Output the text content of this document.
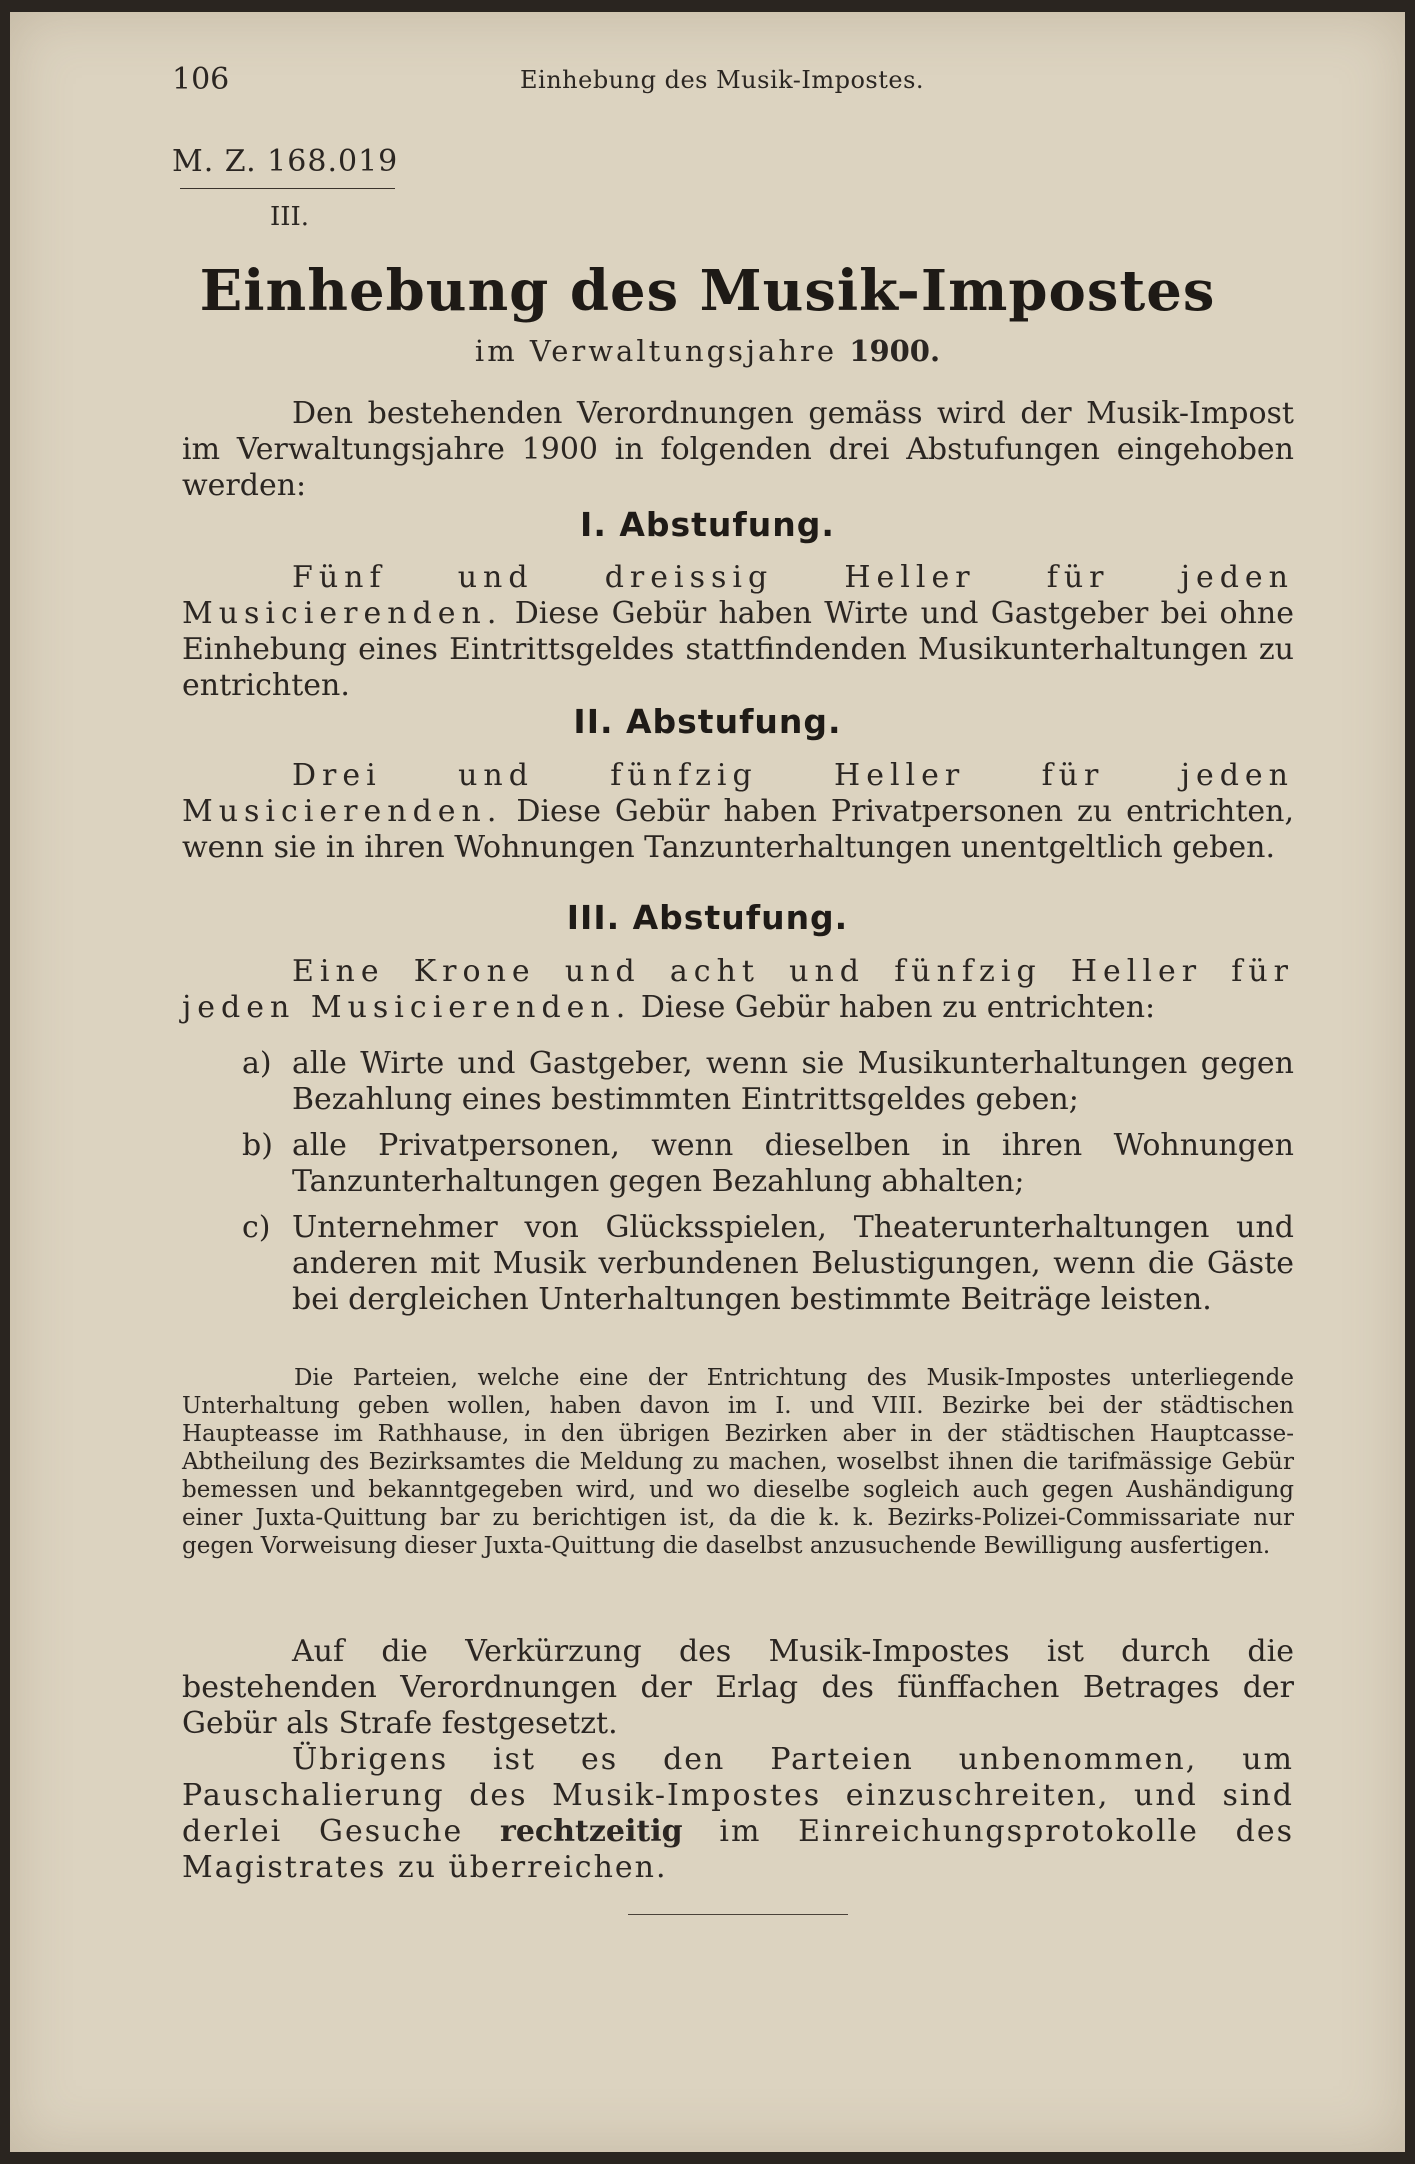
106	Einhebung des Musik-Impostes.

M. Z. 168.019

III.

Einhebung des Musik-Impostes

im Verwaltungsjahre 1900.

Den bestehenden Verordnungen gemäss wird der Musik-Impost im Verwaltungsjahre 1900 in folgenden drei Abstufungen eingehoben werden:

I. Abstufung.

Fünf und dreissig Heller für jeden Musicierenden. Diese Gebür haben Wirte und Gastgeber bei ohne Einhebung eines Eintrittsgeldes stattfindenden Musikunterhaltungen zu entrichten.

II. Abstufung.

Drei und fünfzig Heller für jeden Musicierenden. Diese Gebür haben Privatpersonen zu entrichten, wenn sie in ihren Wohnungen Tanzunterhaltungen unentgeltlich geben.

III. Abstufung.

Eine Krone und acht und fünfzig Heller für jeden Musicierenden. Diese Gebür haben zu entrichten:

a) alle Wirte und Gastgeber, wenn sie Musikunterhaltungen gegen Bezahlung eines bestimmten Eintrittsgeldes geben;
b) alle Privatpersonen, wenn dieselben in ihren Wohnungen Tanzunterhaltungen gegen Bezahlung abhalten;
c) Unternehmer von Glücksspielen, Theaterunterhaltungen und anderen mit Musik verbundenen Belustigungen, wenn die Gäste bei dergleichen Unterhaltungen bestimmte Beiträge leisten.

Die Parteien, welche eine der Entrichtung des Musik-Impostes unterliegende Unterhaltung geben wollen, haben davon im I. und VIII. Bezirke bei der städtischen Haupteasse im Rathhause, in den übrigen Bezirken aber in der städtischen Hauptcasse-Abtheilung des Bezirksamtes die Meldung zu machen, woselbst ihnen die tarifmässige Gebür bemessen und bekanntgegeben wird, und wo dieselbe sogleich auch gegen Aushändigung einer Juxta-Quittung bar zu berichtigen ist, da die k. k. Bezirks-Polizei-Commissariate nur gegen Vorweisung dieser Juxta-Quittung die daselbst anzusuchende Bewilligung ausfertigen.

Auf die Verkürzung des Musik-Impostes ist durch die bestehenden Verordnungen der Erlag des fünffachen Betrages der Gebür als Strafe festgesetzt.

Übrigens ist es den Parteien unbenommen, um Pauschalierung des Musik-Impostes einzuschreiten, und sind derlei Gesuche rechtzeitig im Einreichungsprotokolle des Magistrates zu überreichen.
